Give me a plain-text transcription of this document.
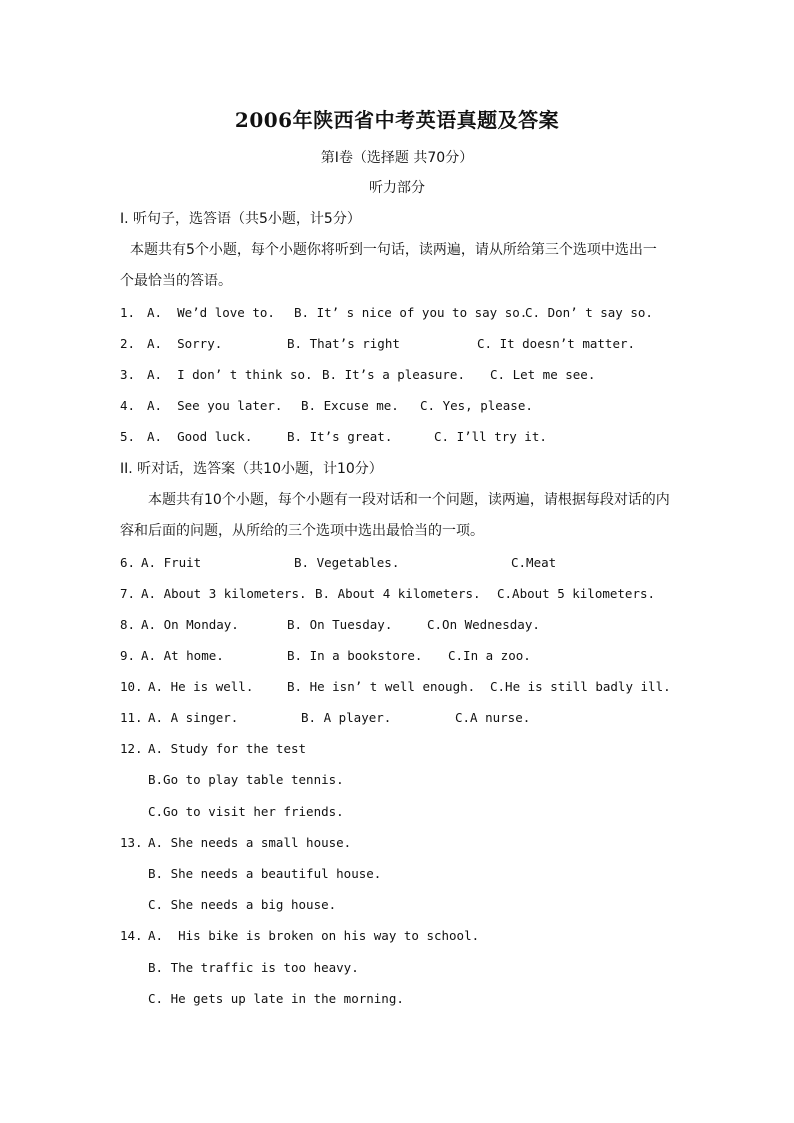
2006年陕西省中考英语真题及答案
第Ⅰ卷（选择题 共70分）
听力部分
I. 听句子，选答语（共5小题，计5分）
本题共有5个小题，每个小题你将听到一句话，读两遍，请从所给第三个选项中选出一
个最恰当的答语。
1. A.  We’d love to. B. It’ s nice of you to say so.
C. Don’ t say so.
2. A.  Sorry.	B. That’s right	C. It doesn’t matter.
3. A.  I don’ t think so. B. It’s a pleasure. C. Let me see.
4. A.  See you later. B. Excuse me. C. Yes, please.
5. A.  Good luck.	B. It’s great.	C. I’ll try it.
II. 听对话，选答案（共10小题，计10分）
本题共有10个小题，每个小题有一段对话和一个问题，读两遍，请根据每段对话的内
容和后面的问题，从所给的三个选项中选出最恰当的一项。
6. A. Fruit	B. Vegetables.	C.Meat
7. A. About 3 kilometers. B. About 4 kilometers. C.About 5 kilometers.
8. A. On Monday.	B. On Tuesday.	C.On Wednesday.
9. A. At home.	B. In a bookstore. C.In a zoo.
10. A. He is well.	B. He isn’ t well enough. C.He is still badly ill.
11. A. A singer.	B. A player.	C.A nurse.
12. A. Study for the test
B.Go to play table tennis.
C.Go to visit her friends.
13. A. She needs a small house.
B. She needs a beautiful house.
C. She needs a big house.
14. A.  His bike is broken on his way to school.
B. The traffic is too heavy.
C. He gets up late in the morning.
